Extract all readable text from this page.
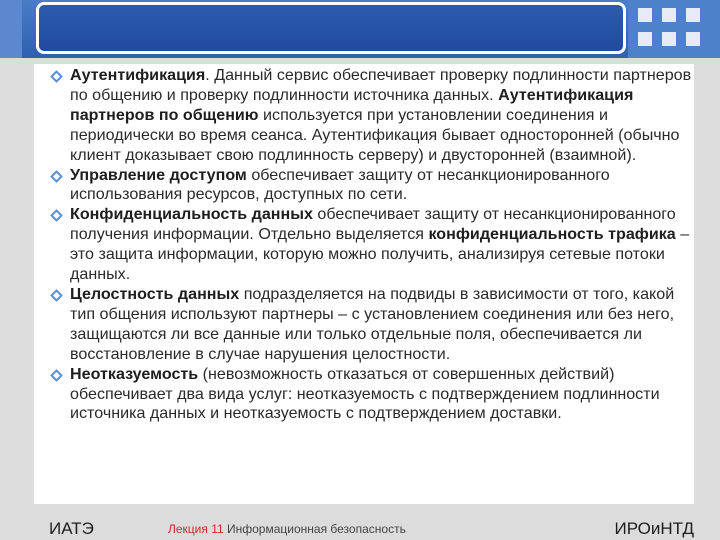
Аутентификация. Данный сервис обеспечивает проверку подлинности партнеров по общению и проверку подлинности источника данных. Аутентификация партнеров по общению используется при установлении соединения и периодически во время сеанса. Аутентификация бывает односторонней (обычно клиент доказывает свою подлинность серверу) и двусторонней (взаимной).
Управление доступом обеспечивает защиту от несанкционированного использования ресурсов, доступных по сети.
Конфиденциальность данных обеспечивает защиту от несанкционированного получения информации. Отдельно выделяется конфиденциальность трафика – это защита информации, которую можно получить, анализируя сетевые потоки данных.
Целостность данных подразделяется на подвиды в зависимости от того, какой тип общения используют партнеры – с установлением соединения или без него, защищаются ли все данные или только отдельные поля, обеспечивается ли восстановление в случае нарушения целостности.
Неотказуемость (невозможность отказаться от совершенных действий) обеспечивает два вида услуг: неотказуемость с подтверждением подлинности источника данных и неотказуемость с подтверждением доставки.
ИАТЭ	Лекция 11 Информационная безопасность	ИРОиНТД
